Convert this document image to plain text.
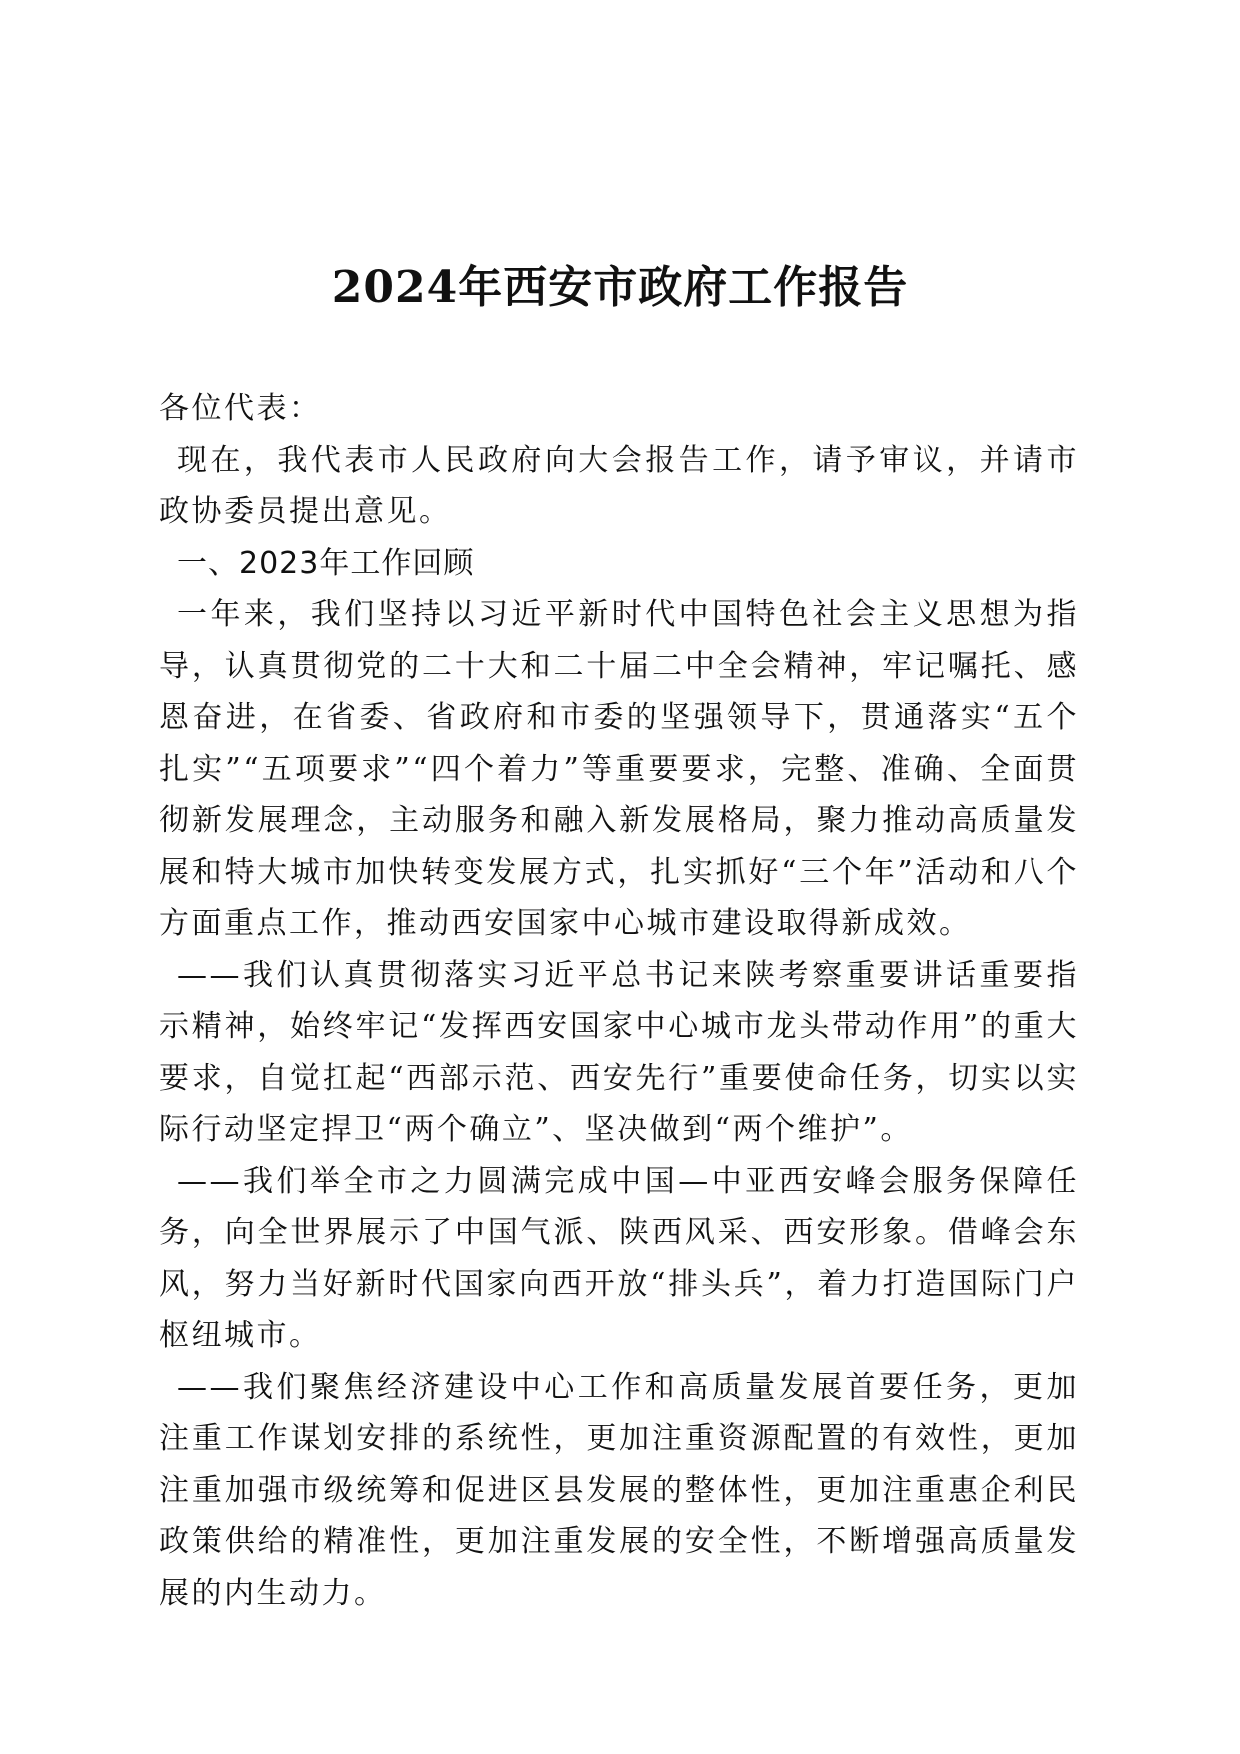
2024年西安市政府工作报告

各位代表：

现在，我代表市人民政府向大会报告工作，请予审议，并请市政协委员提出意见。

一、2023年工作回顾

一年来，我们坚持以习近平新时代中国特色社会主义思想为指导，认真贯彻党的二十大和二十届二中全会精神，牢记嘱托、感恩奋进，在省委、省政府和市委的坚强领导下，贯通落实“五个扎实”“五项要求”“四个着力”等重要要求，完整、准确、全面贯彻新发展理念，主动服务和融入新发展格局，聚力推动高质量发展和特大城市加快转变发展方式，扎实抓好“三个年”活动和八个方面重点工作，推动西安国家中心城市建设取得新成效。

——我们认真贯彻落实习近平总书记来陕考察重要讲话重要指示精神，始终牢记“发挥西安国家中心城市龙头带动作用”的重大要求，自觉扛起“西部示范、西安先行”重要使命任务，切实以实际行动坚定捍卫“两个确立”、坚决做到“两个维护”。

——我们举全市之力圆满完成中国—中亚西安峰会服务保障任务，向全世界展示了中国气派、陕西风采、西安形象。借峰会东风，努力当好新时代国家向西开放“排头兵”，着力打造国际门户枢纽城市。

——我们聚焦经济建设中心工作和高质量发展首要任务，更加注重工作谋划安排的系统性，更加注重资源配置的有效性，更加注重加强市级统筹和促进区县发展的整体性，更加注重惠企利民政策供给的精准性，更加注重发展的安全性，不断增强高质量发展的内生动力。
